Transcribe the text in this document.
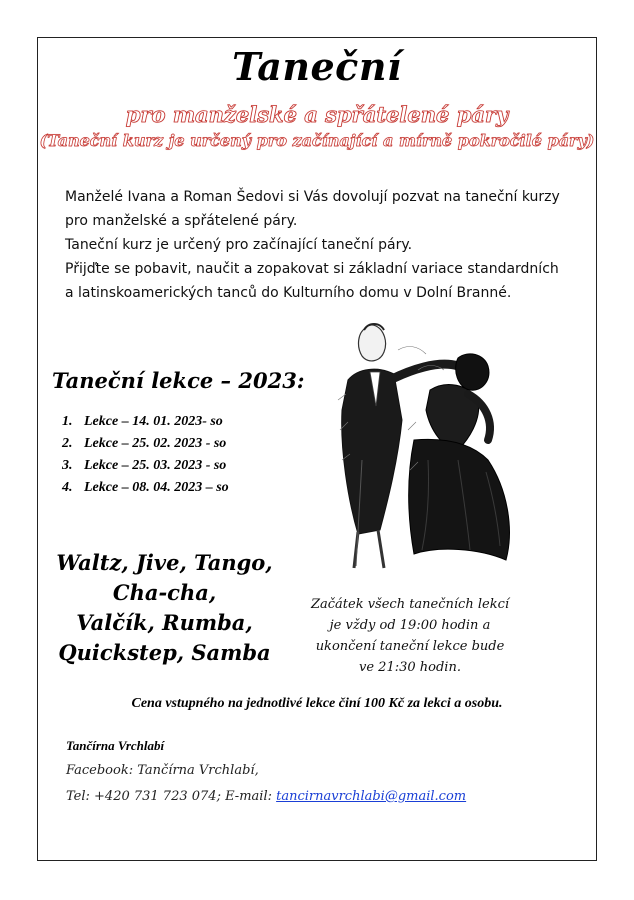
Taneční
pro manželské a spřátelené páry
(Taneční kurz je určený pro začínající a mírně pokročilé páry)

Manželé Ivana a Roman Šedovi si Vás dovolují pozvat na taneční kurzy

pro manželské a spřátelené páry.

Taneční kurz je určený pro začínající taneční páry.

Přijďte se pobavit, naučit a zopakovat si základní variace standardních

a latinskoamerických tanců do Kulturního domu v Dolní Branné.

Taneční lekce – 2023:
1. Lekce – 14. 01. 2023- so
2. Lekce – 25. 02. 2023 - so
3. Lekce – 25. 03. 2023 - so
4. Lekce – 08. 04. 2023 – so
Waltz, Jive, Tango,
Cha-cha,
Valčík, Rumba,
Quickstep, Samba
Začátek všech tanečních lekcí
je vždy od 19:00 hodin a
ukončení taneční lekce bude
ve 21:30 hodin.
Cena vstupného na jednotlivé lekce činí 100 Kč za lekci a osobu.
Tančírna Vrchlabí
Facebook: Tančírna Vrchlabí,
Tel: +420 731 723 074; E-mail: tancirnavrchlabi@gmail.com
